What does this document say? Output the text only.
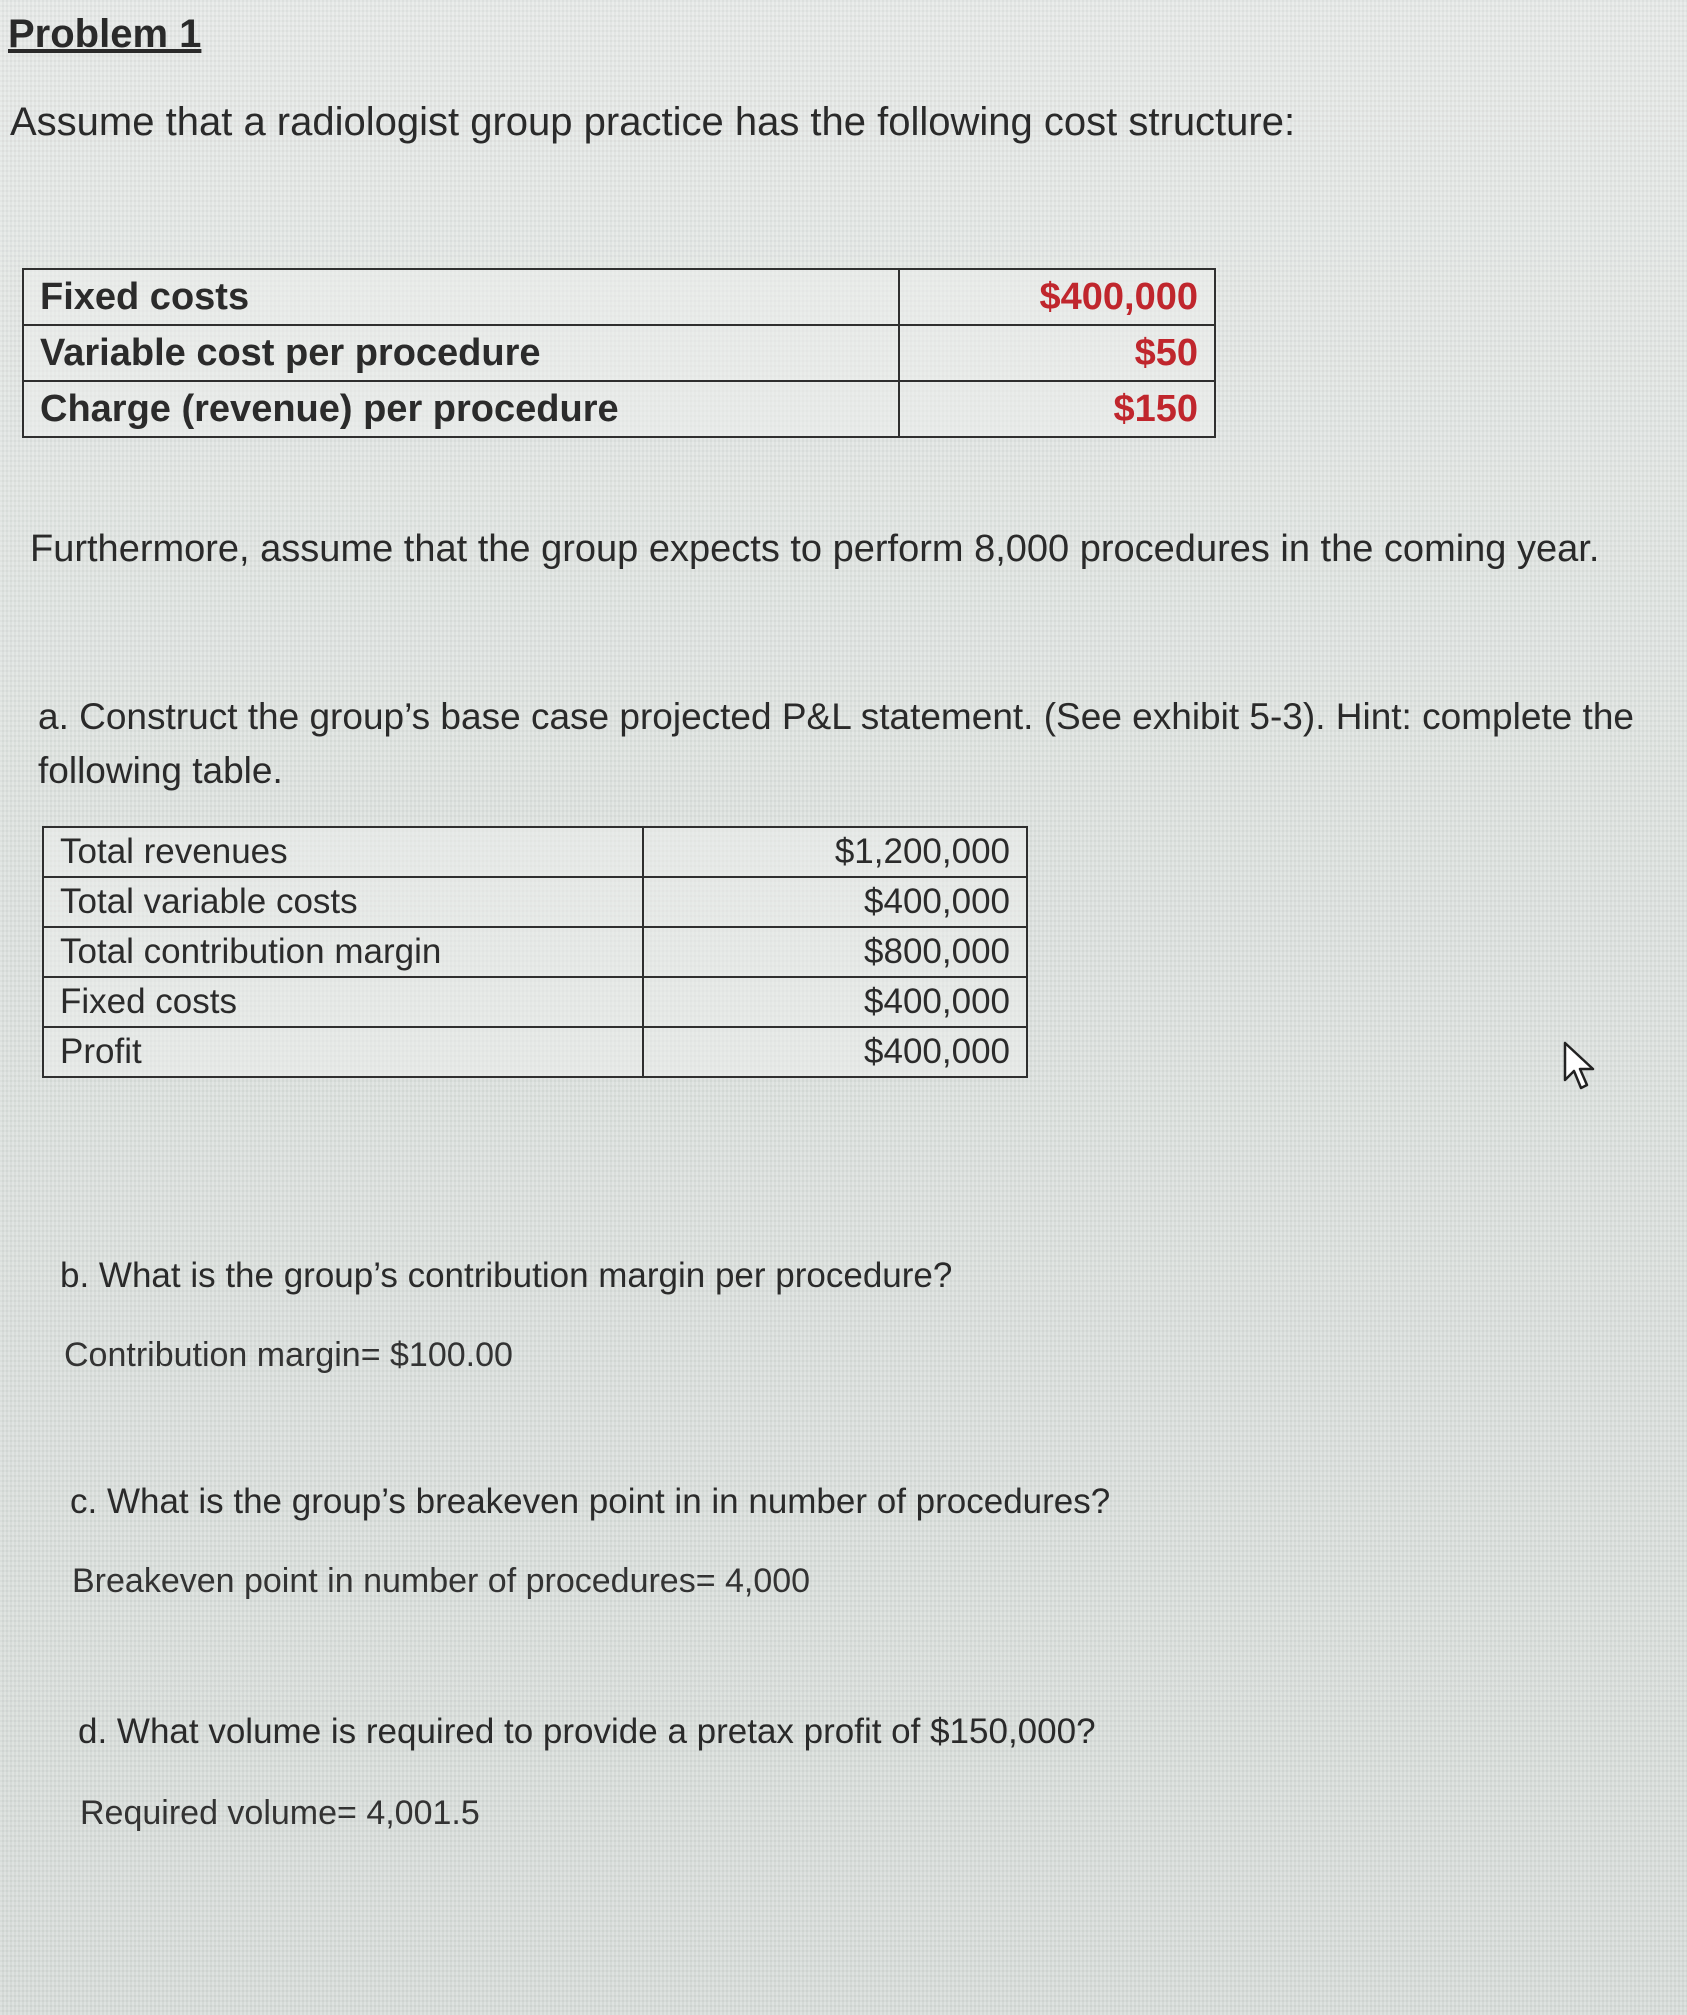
Problem 1
Assume that a radiologist group practice has the following cost structure:
Fixed costs	$400,000
Variable cost per procedure	$50
Charge (revenue) per procedure	$150
Furthermore, assume that the group expects to perform 8,000 procedures in the coming year.
a. Construct the group’s base case projected P&L statement. (See exhibit 5-3). Hint: complete the following table.
Total revenues	$1,200,000
Total variable costs	$400,000
Total contribution margin	$800,000
Fixed costs	$400,000
Profit	$400,000
b. What is the group’s contribution margin per procedure?
Contribution margin= $100.00
c. What is the group’s breakeven point in in number of procedures?
Breakeven point in number of procedures= 4,000
d. What volume is required to provide a pretax profit of $150,000?
Required volume= 4,001.5
